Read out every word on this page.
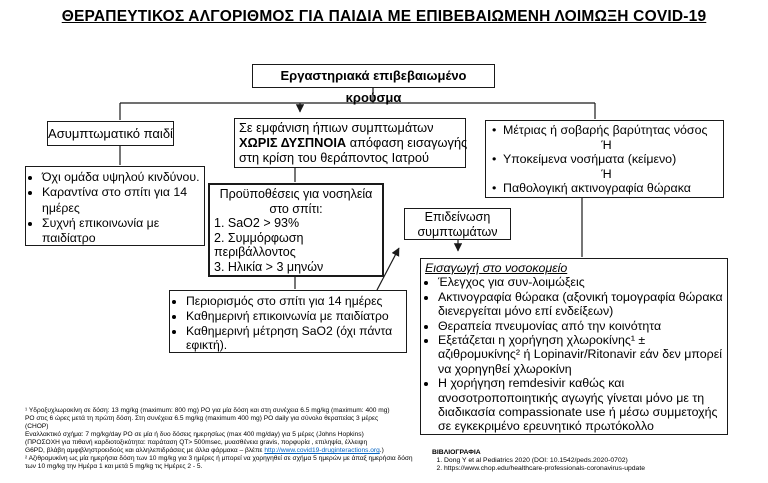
ΘΕΡΑΠΕΥΤΙΚΟΣ ΑΛΓΟΡΙΘΜΟΣ ΓΙΑ ΠΑΙΔΙΑ ΜΕ ΕΠΙΒΕΒΑΙΩΜΕΝΗ ΛΟΙΜΩΞΗ COVID-19
Εργαστηριακά επιβεβαιωμένο κρούσμα
Ασυμπτωματικό παιδί
• Όχι ομάδα υψηλού κινδύνου.
• Καραντίνα στο σπίτι για 14 ημέρες
• Συχνή επικοινωνία με παιδίατρο
Σε εμφάνιση ήπιων συμπτωμάτων
ΧΩΡΙΣ ΔΥΣΠΝΟΙΑ απόφαση εισαγωγής
στη κρίση του θεράποντος Ιατρού
Προϋποθέσεις για νοσηλεία
στο σπίτι:
1. SaO2 > 93%
2. Συμμόρφωση
περιβάλλοντος
3. Ηλικία > 3 μηνών
Επιδείνωση
συμπτωμάτων
• Μέτριας ή σοβαρής βαρύτητας νόσος
Ή
• Υποκείμενα νοσήματα (κείμενο)
Ή
• Παθολογική ακτινογραφία θώρακα
• Περιορισμός στο σπίτι για 14 ημέρες
• Καθημερινή επικοινωνία με παιδίατρο
• Καθημερινή μέτρηση SaO2 (όχι πάντα εφικτή).
Εισαγωγή στο νοσοκομείο
• Έλεγχος για συν-λοιμώξεις
• Ακτινογραφία θώρακα (αξονική τομογραφία θώρακα διενεργείται μόνο επί ενδείξεων)
• Θεραπεία πνευμονίας από την κοινότητα
• Εξετάζεται η χορήγηση χλωροκίνης¹ ± αζιθρομυκίνης² ή Lopinavir/Ritonavir εάν δεν μπορεί να χορηγηθεί χλωροκίνη
• Η χορήγηση remdesivir καθώς και ανοσοτροποποιητικής αγωγής γίνεται μόνο με τη διαδικασία compassionate use ή μέσω συμμετοχής σε εγκεκριμένο ερευνητικό πρωτόκολλο
¹ Υδροξυχλωροκίνη σε δόση: 13 mg/kg (maximum: 800 mg) PO για μία δόση και στη συνέχεια 6.5 mg/kg (maximum: 400 mg)
PO στις 6 ώρες μετά τη πρώτη δόση. Στη συνέχεια 6.5 mg/kg (maximum 400 mg) PO daily για σύνολο θεραπείας 3 μέρες
(CHOP)
Εναλλακτικό σχήμα: 7 mg/kg/day PO σε μία ή δυο δόσεις ημερησίως (max 400 mg/day) για 5 μέρες (Johns Hopkins)
(ΠΡΟΣΟΧΗ για πιθανή καρδιοτοξικότητα: παράταση QT> 500msec, μυασθένεια gravis, πορφυρία , επιληψία, έλλειψη
G6PD, βλάβη αμφιβληστροειδούς και αλληλεπιδράσεις με άλλα φάρμακα – βλέπε http://www.covid19-druginteractions.org.)
² Αζιθρομυκίνη ως μία ημερήσια δόση των 10 mg/kg για 3 ημέρες ή μπορεί να χορηγηθεί σε σχήμα 5 ημερών με άπαξ ημερήσια δόση
των 10 mg/kg την Ημέρα 1 και μετά 5 mg/kg τις Ημέρες 2 - 5.
ΒΙΒΛΙΟΓΡΑΦΙΑ
1. Dong Y et al Pediatrics 2020 (DOI: 10.1542/peds.2020-0702)
2. https://www.chop.edu/healthcare-professionals-coronavirus-update
